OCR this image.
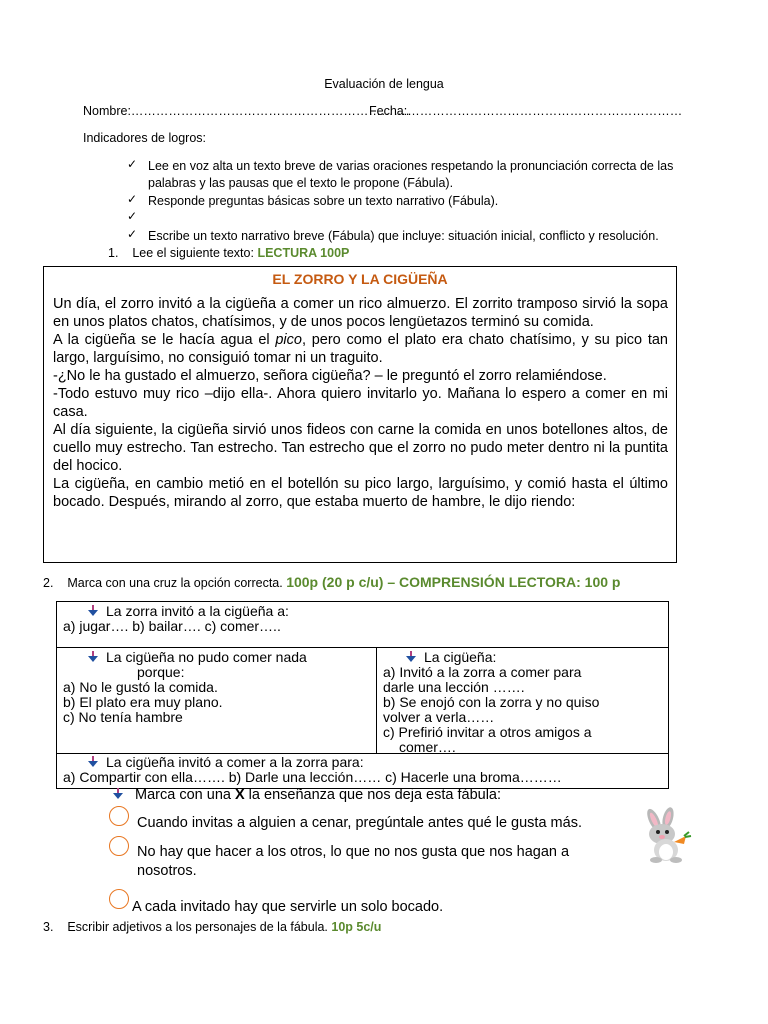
Evaluación de lengua
Nombre:………………………………………………………….
Fecha:…………………………………………………………
Indicadores de logros:
✓ Lee en voz alta un texto breve de varias oraciones respetando la pronunciación correcta de las palabras y las pausas que el texto le propone (Fábula).
✓ Responde preguntas básicas sobre un texto narrativo (Fábula).
✓
✓ Escribe un texto narrativo breve (Fábula) que incluye: situación inicial, conflicto y resolución.
1. Lee el siguiente texto: LECTURA 100P
EL ZORRO Y LA CIGÜEÑA

Un día, el zorro invitó a la cigüeña a comer un rico almuerzo. El zorrito tramposo sirvió la sopa en unos platos chatos, chatísimos, y de unos pocos lengüetazos terminó su comida.

A la cigüeña se le hacía agua el pico, pero como el plato era chato chatísimo, y su pico tan largo, larguísimo, no consiguió tomar ni un traguito.

-¿No le ha gustado el almuerzo, señora cigüeña? – le preguntó el zorro relamiéndose.

-Todo estuvo muy rico –dijo ella-. Ahora quiero invitarlo yo. Mañana lo espero a comer en mi casa.

Al día siguiente, la cigüeña sirvió unos fideos con carne la comida en unos botellones altos, de cuello muy estrecho. Tan estrecho. Tan estrecho que el zorro no pudo meter dentro ni la puntita del hocico.

La cigüeña, en cambio metió en el botellón su pico largo, larguísimo, y comió hasta el último bocado. Después, mirando al zorro, que estaba muerto de hambre, le dijo riendo:

2. Marca con una cruz la opción correcta. 100p (20 p c/u) – COMPRENSIÓN LECTORA: 100 p
La zorra invitó a la cigüeña a:
a) jugar…. b) bailar…. c) comer…..
La cigüeña no pudo comer nada
porque:
a) No le gustó la comida.
b) El plato era muy plano.
c) No tenía hambre
La cigüeña:
a) Invitó a la zorra a comer para
darle una lección …….
b) Se enojó con la zorra y no quiso
volver a verla……
c) Prefirió invitar a otros amigos a
comer….
La cigüeña invitó a comer a la zorra para:
a) Compartir con ella……. b) Darle una lección…… c) Hacerle una broma………
Marca con una X la enseñanza que nos deja esta fábula:
Cuando invitas a alguien a cenar, pregúntale antes qué le gusta más.
No hay que hacer a los otros, lo que no nos gusta que nos hagan a nosotros.
A cada invitado hay que servirle un solo bocado.
3. Escribir adjetivos a los personajes de la fábula. 10p 5c/u
